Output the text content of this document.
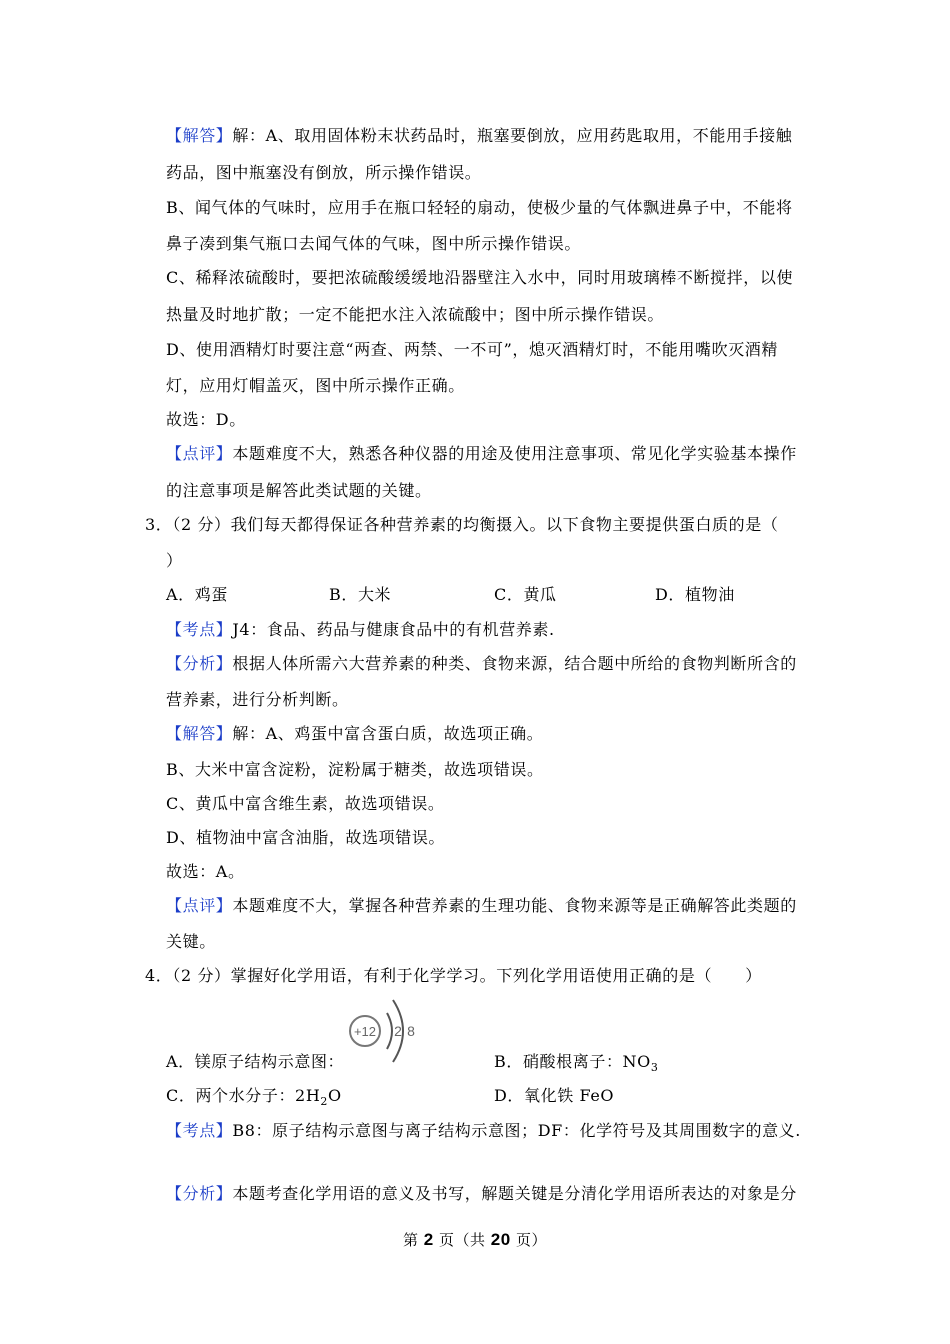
【解答】解：A、取用固体粉末状药品时，瓶塞要倒放，应用药匙取用，不能用手接触
药品，图中瓶塞没有倒放，所示操作错误。
B、闻气体的气味时，应用手在瓶口轻轻的扇动，使极少量的气体飘进鼻子中，不能将
鼻子凑到集气瓶口去闻气体的气味，图中所示操作错误。
C、稀释浓硫酸时，要把浓硫酸缓缓地沿器壁注入水中，同时用玻璃棒不断搅拌，以使
热量及时地扩散；一定不能把水注入浓硫酸中；图中所示操作错误。
D、使用酒精灯时要注意“两查、两禁、一不可”，熄灭酒精灯时，不能用嘴吹灭酒精
灯，应用灯帽盖灭，图中所示操作正确。
故选：D。
【点评】本题难度不大，熟悉各种仪器的用途及使用注意事项、常见化学实验基本操作
的注意事项是解答此类试题的关键。
3．（2 分）我们每天都得保证各种营养素的均衡摄入。以下食物主要提供蛋白质的是（
）
A．鸡蛋	B．大米	C．黄瓜	D．植物油
【考点】J4：食品、药品与健康食品中的有机营养素.
【分析】根据人体所需六大营养素的种类、食物来源，结合题中所给的食物判断所含的
营养素，进行分析判断。
【解答】解：A、鸡蛋中富含蛋白质，故选项正确。
B、大米中富含淀粉，淀粉属于糖类，故选项错误。
C、黄瓜中富含维生素，故选项错误。
D、植物油中富含油脂，故选项错误。
故选：A。
【点评】本题难度不大，掌握各种营养素的生理功能、食物来源等是正确解答此类题的
关键。
4．（2 分）掌握好化学用语，有利于化学学习。下列化学用语使用正确的是（　　）
+12 2 8
A．镁原子结构示意图：	B．硝酸根离子：$NO_3$
C．两个水分子：$2H_2O$	D．氧化铁 FeO
【考点】B8：原子结构示意图与离子结构示意图；DF：化学符号及其周围数字的意义.
【分析】本题考查化学用语的意义及书写，解题关键是分清化学用语所表达的对象是分
第 2 页（共 20 页）
